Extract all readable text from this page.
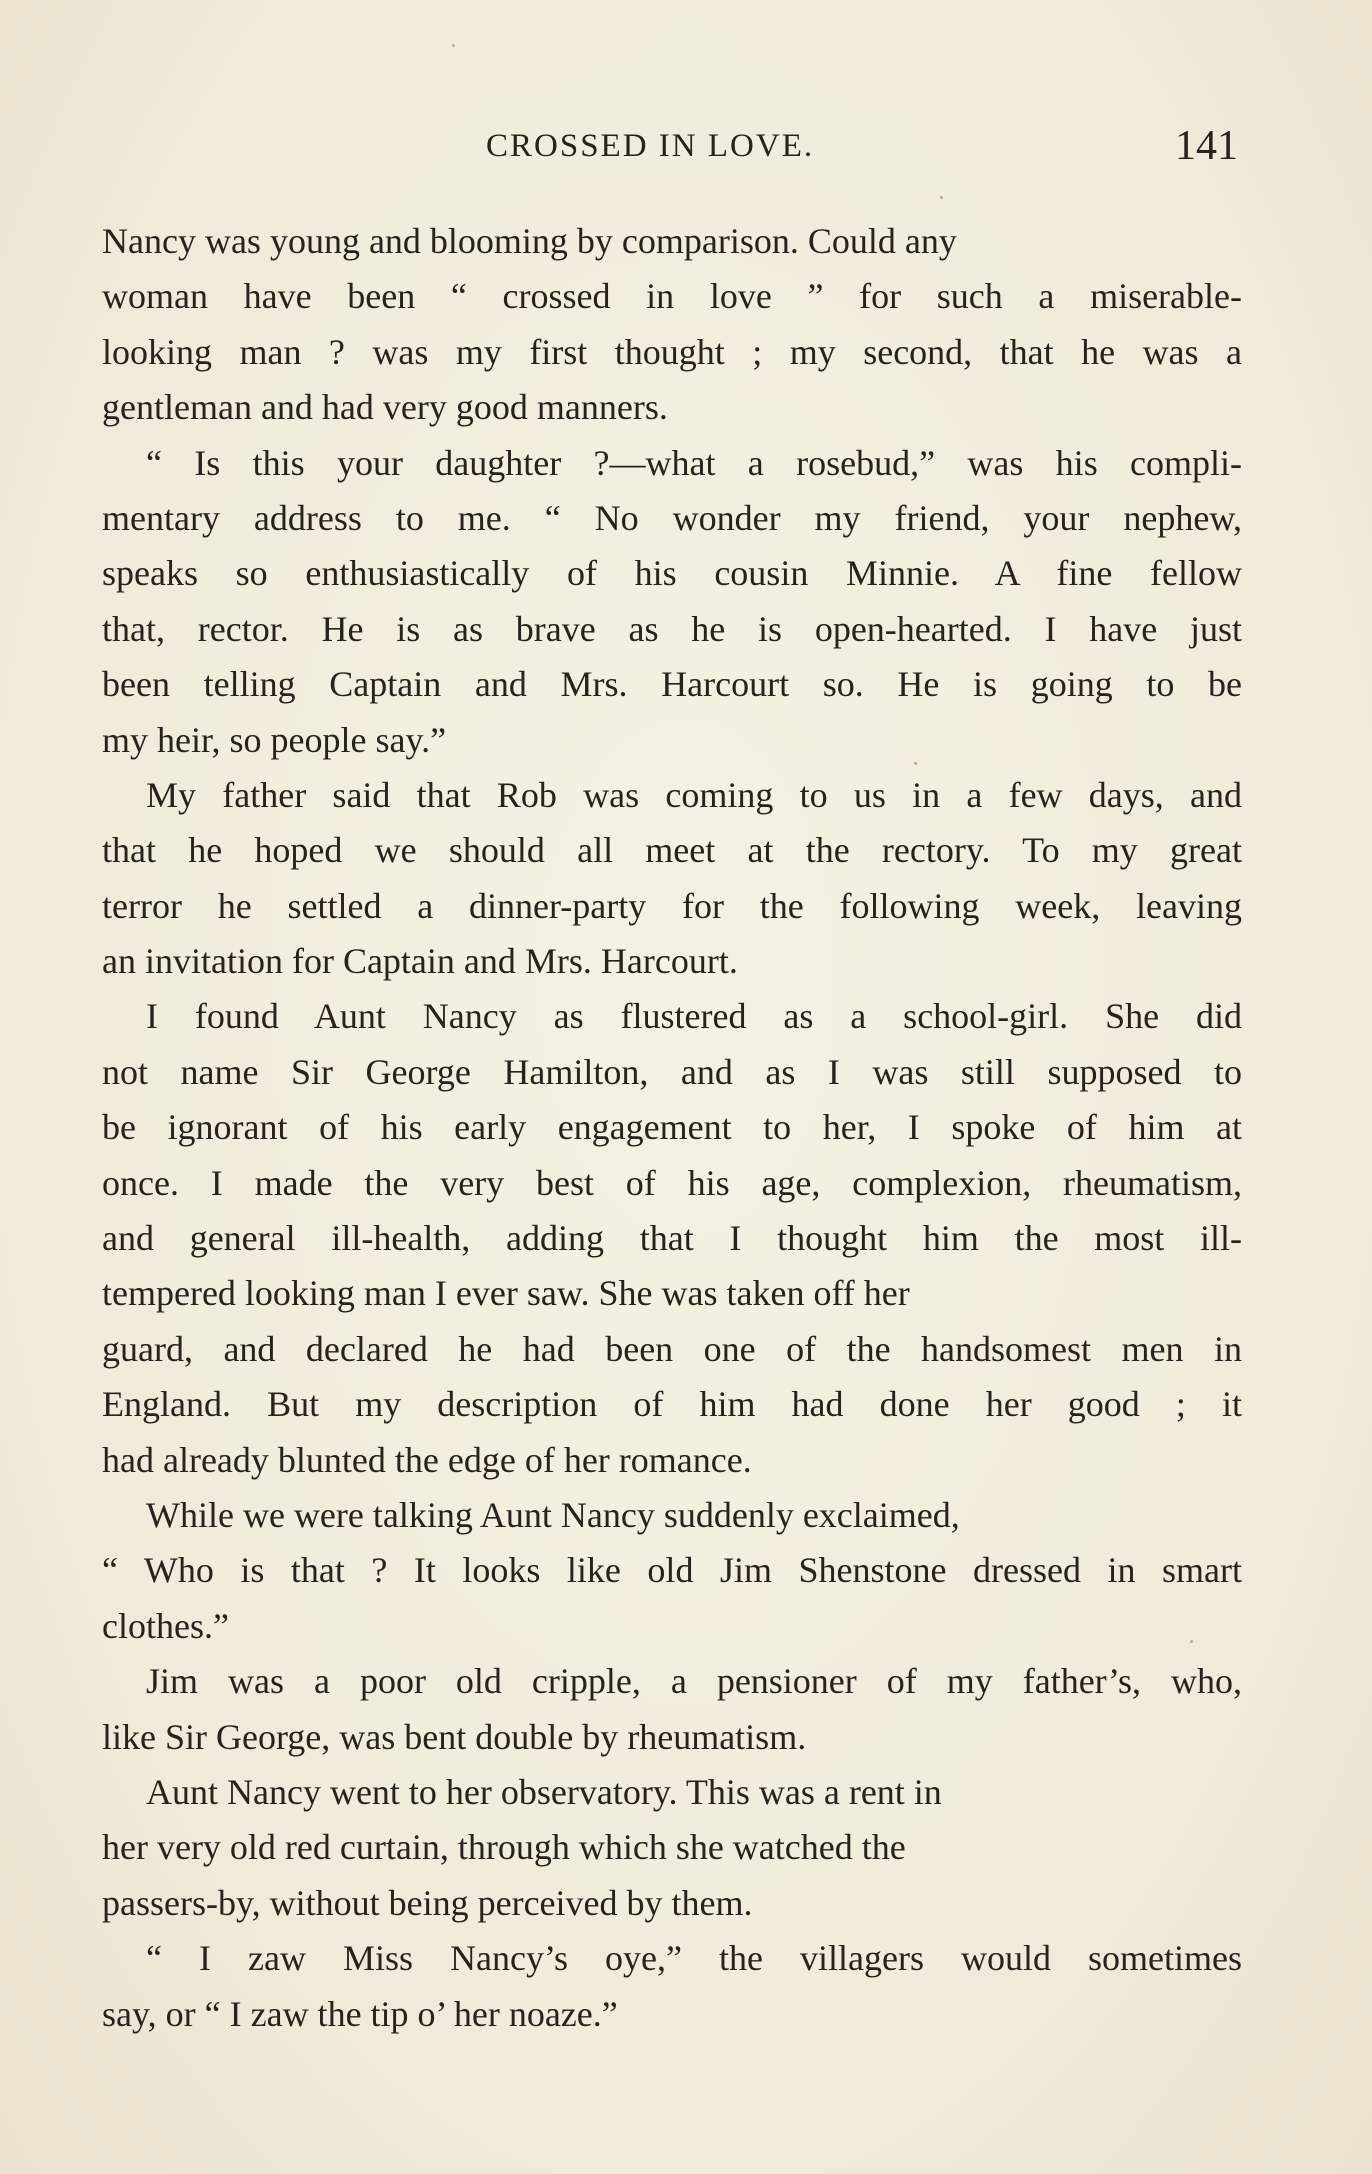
CROSSED IN LOVE.	141
Nancy was young and blooming by comparison. Could any
woman have been “ crossed in love ” for such a miserable-
looking man ? was my first thought ; my second, that he was a
gentleman and had very good manners.
“ Is this your daughter ?—what a rosebud,” was his compli-
mentary address to me. “ No wonder my friend, your nephew,
speaks so enthusiastically of his cousin Minnie. A fine fellow
that, rector. He is as brave as he is open-hearted. I have just
been telling Captain and Mrs. Harcourt so. He is going to be
my heir, so people say.”
My father said that Rob was coming to us in a few days, and
that he hoped we should all meet at the rectory. To my great
terror he settled a dinner-party for the following week, leaving
an invitation for Captain and Mrs. Harcourt.
I found Aunt Nancy as flustered as a school-girl. She did
not name Sir George Hamilton, and as I was still supposed to
be ignorant of his early engagement to her, I spoke of him at
once. I made the very best of his age, complexion, rheumatism,
and general ill-health, adding that I thought him the most ill-
tempered looking man I ever saw. She was taken off her
guard, and declared he had been one of the handsomest men in
England. But my description of him had done her good ; it
had already blunted the edge of her romance.
While we were talking Aunt Nancy suddenly exclaimed,
“ Who is that ? It looks like old Jim Shenstone dressed in smart
clothes.”
Jim was a poor old cripple, a pensioner of my father’s, who,
like Sir George, was bent double by rheumatism.
Aunt Nancy went to her observatory. This was a rent in
her very old red curtain, through which she watched the
passers-by, without being perceived by them.
“ I zaw Miss Nancy’s oye,” the villagers would sometimes
say, or “ I zaw the tip o’ her noaze.”
